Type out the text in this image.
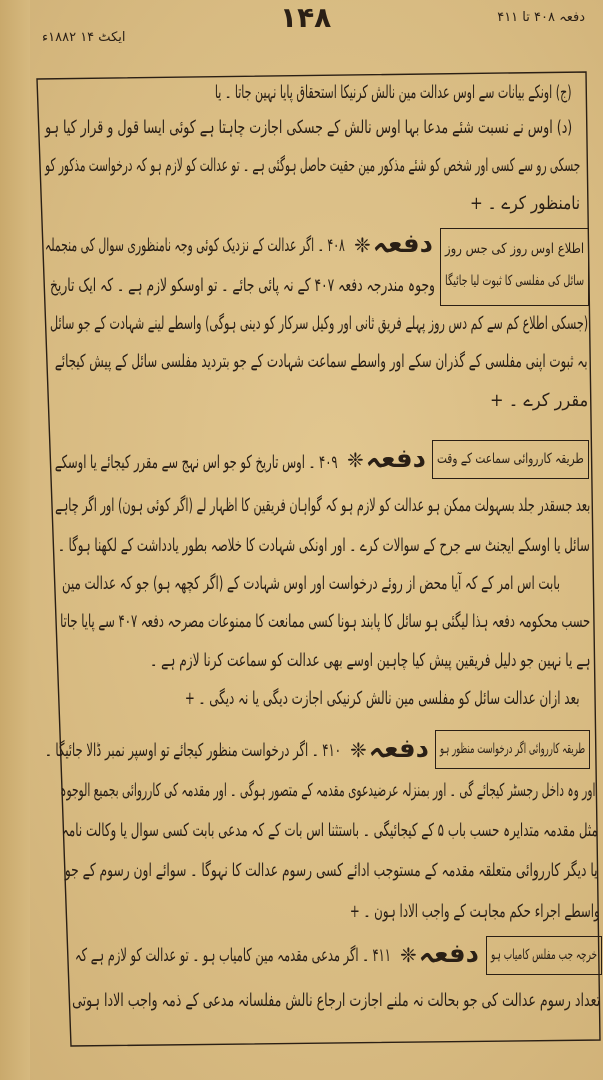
دفعہ ۴۰۸ تا ۴۱۱
۱۴۸
ایکٹ ۱۴ ۱۸۸۲ء
(ج) اونکے بیانات سے اوس عدالت مین نالش کرنیکا استحقاق پایا نہین جاتا ۔ یا
(د) اوس نے نسبت شئے مدعا بہا اوس نالش کے جسکی اجازت چاہتا ہے کوئی ایسا قول و قرار کیا ہو
جسکی رو سے کسی اور شخص کو شئے مذکور مین حقیت حاصل ہوگئی ہے ۔ تو عدالت کو لازم ہو کہ درخواست مذکور کو
نامنظور کرے ۔ +
اطلاع اوس روز کی جس روز
سائل کی مفلسی کا ثبوت لیا جائیگا
دفعہ❈
۴۰۸ ۔ اگر عدالت کے نزدیک کوئی وجہ نامنظوری سوال کی منجملہ
وجوہ مندرجہ دفعہ ۴۰۷ کے نہ پائی جائے ۔ تو اوسکو لازم ہے ۔ کہ ایک تاریخ
(جسکی اطلاع کم سے کم دس روز پہلے فریق ثانی اور وکیل سرکار کو دینی ہوگی) واسطے لینے شہادت کے جو سائل
بہ ثبوت اپنی مفلسی کے گذران سکے اور واسطے سماعت شہادت کے جو بتردید مفلسی سائل کے پیش کیجائے
مقرر کرے ۔ +
طریقہ کارروائی سماعت کے وقت
دفعہ❈
۴۰۹ ۔ اوس تاریخ کو جو اس نہج سے مقرر کیجائے یا اوسکے
بعد جسقدر جلد بسہولت ممکن ہو عدالت کو لازم ہو کہ گواہان فریقین کا اظہار لے (اگر کوئی ہون) اور اگر چاہے
سائل یا اوسکے ایجنٹ سے جرح کے سوالات کرے ۔ اور اونکی شہادت کا خلاصہ بطور یادداشت کے لکھنا ہوگا ۔
بابت اس امر کے کہ آیا محض از روئے درخواست اور اوس شہادت کے (اگر کچھہ ہو) جو کہ عدالت مین
حسب محکومہ دفعہ ہذا لیگئی ہو سائل کا پابند ہونا کسی ممانعت کا ممنوعات مصرحہ دفعہ ۴۰۷ سے پایا جاتا
ہے یا نہین جو دلیل فریقین پیش کیا چاہین اوسے بھی عدالت کو سماعت کرنا لازم ہے ۔
بعد ازان عدالت سائل کو مفلسی مین نالش کرنیکی اجازت دیگی یا نہ دیگی ۔ +
طریقہ کارروائی اگر درخواست منظور ہو
دفعہ❈
۴۱۰ ۔ اگر درخواست منظور کیجائے تو اوسپر نمبر ڈالا جائیگا ۔
اور وہ داخل رجسٹر کیجائے گی ۔ اور بمنزلہ عرضیدعوی مقدمہ کے متصور ہوگی ۔ اور مقدمہ کی کارروائی بجمیع الوجوہ
مثل مقدمہ متدایرہ حسب باب ۵ کے کیجائیگی ۔ باستثنا اس بات کے کہ مدعی بابت کسی سوال یا وکالت نامہ
یا دیگر کارروائی متعلقہ مقدمہ کے مستوجب ادائے کسی رسوم عدالت کا نہوگا ۔ سوائے اون رسوم کے جو
واسطے اجراء حکم مجاہت کے واجب الادا ہون ۔ +
خرچہ جب مفلس کامیاب ہو
دفعہ❈
۴۱۱ ۔ اگر مدعی مقدمہ مین کامیاب ہو ۔ تو عدالت کو لازم ہے کہ
تعداد رسوم عدالت کی جو بحالت نہ ملنے اجازت ارجاع نالش مفلسانہ مدعی کے ذمہ واجب الادا ہوتی
